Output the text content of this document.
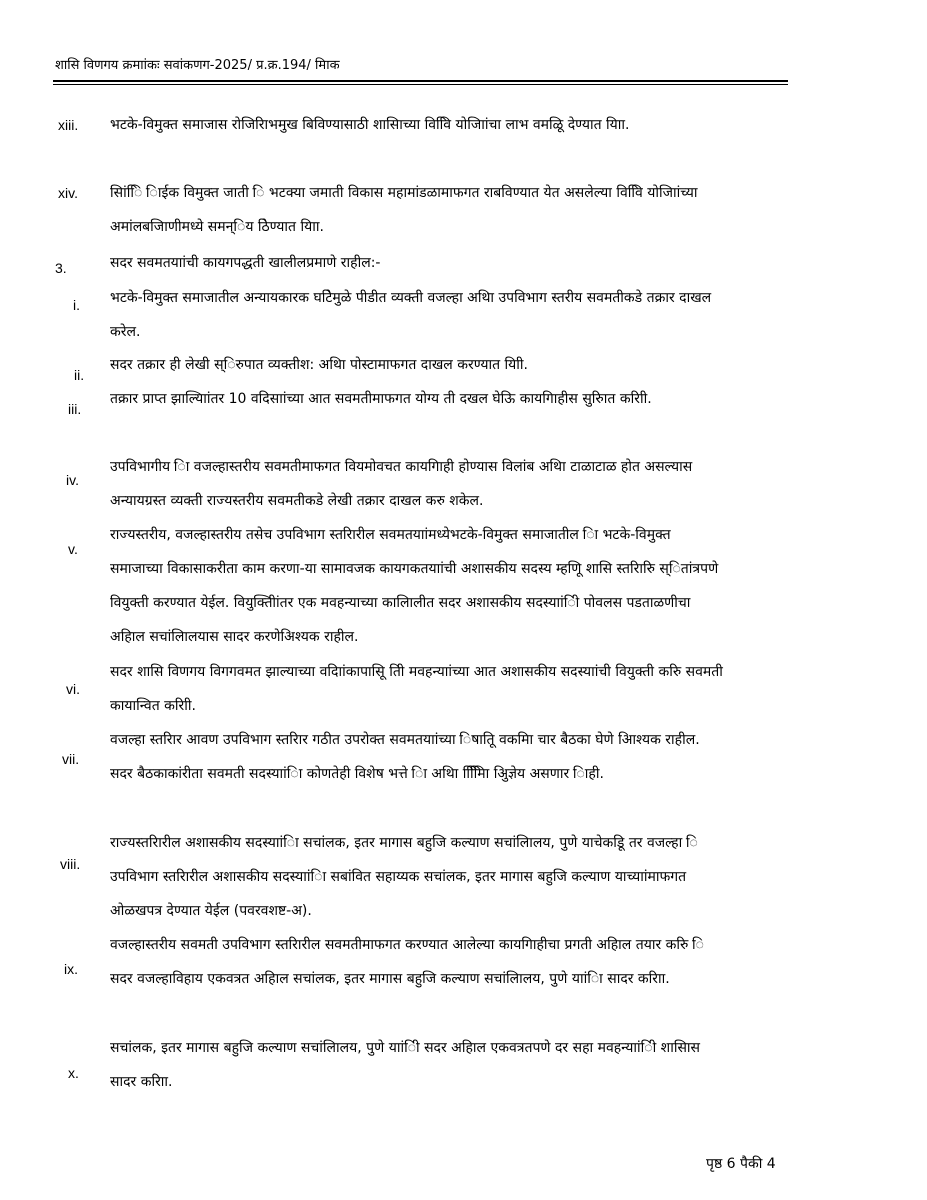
शासि विणगय क्रमाांकः सवांकणग-2025/ प्र.क्र.194/ मिाक
xiii. भटके-विमुक्त समाजास रोजिरािभमुख बिविण्यासाठी शासिाच्या विविि योजिाांचा लाभ वमळिू देण्यात यािा.
xiv. सिांिि िाईक विमुक्त जाती ि भटक्या जमाती विकास महामांडळामाफगत राबविण्यात येत असलेल्या विविि योजिाांच्या अमांलबजािणीमध्ये समन्िय ठेिण्यात यािा.
3.	सदर सवमतयाांची कायगपद्धती खालीलप्रमाणे राहील:-
i. भटके-विमुक्त समाजातील अन्यायकारक घटिेमुळे पीडीत व्यक्ती वजल्हा अथिा उपविभाग स्तरीय सवमतीकडे तक्रार दाखल करेल.
ii.
सदर तक्रार ही लेखी स्िरुपात व्यक्तीश: अथिा पोस्टामाफगत दाखल करण्यात यािी.
iii.
तक्रार प्राप्त झाल्यािांतर 10 वदिसाांच्या आत सवमतीमाफगत योग्य ती दखल घेऊि कायगिाहीस सुरुिात करािी.
iv.
उपविभागीय िा वजल्हास्तरीय सवमतीमाफगत वियमोवचत कायगिाही होण्यास विलांब अथिा टाळाटाळ होत असल्यास अन्यायग्रस्त व्यक्ती राज्यस्तरीय सवमतीकडे लेखी तक्रार दाखल करु शकेल.
v.
राज्यस्तरीय, वजल्हास्तरीय तसेच उपविभाग स्तरािरील सवमतयाांमध्येभटके-विमुक्त समाजातील िा भटके-विमुक्त समाजाच्या विकासाकरीता काम करणा-या सामावजक कायगकतयाांची अशासकीय सदस्य म्हणूि शासि स्तरािरुि स्ितांत्रपणे वियुक्ती करण्यात येईल. वियुक्तीिांतर एक मवहन्याच्या कालािलीत सदर अशासकीय सदस्याांिी पोवलस पडताळणीचा अहिाल सचांलिालयास सादर करणेअिश्यक राहील.
vi.
सदर शासि विणगय विगगवमत झाल्याच्या वदिाांकापासूि तीि मवहन्याांच्या आत अशासकीय सदस्याांची वियुक्ती करुि सवमती कायान्वित करािी.
vii.
वजल्हा स्तरािर आवण उपविभाग स्तरािर गठीत उपरोक्त सवमतयाांच्या िषातूि वकमाि चार बैठका घेणे आिश्यक राहील. सदर बैठकाकांरीता सवमती सदस्याांिा कोणतेही विशेष भत्ते िा अथिा मािििि अिुज्ञेय असणार िाही.
viii.
राज्यस्तरािरील अशासकीय सदस्याांिा सचांलक, इतर मागास बहुजि कल्याण सचांलिालय, पुणे याचेकडूि तर वजल्हा ि उपविभाग स्तरािरील अशासकीय सदस्याांिा सबांवित सहाय्यक सचांलक, इतर मागास बहुजि कल्याण याच्याांमाफगत ओळखपत्र देण्यात येईल (पवरवशष्ट-अ).
ix.
वजल्हास्तरीय सवमती उपविभाग स्तरािरील सवमतीमाफगत करण्यात आलेल्या कायगिाहीचा प्रगती अहिाल तयार करुि ि सदर वजल्हाविहाय एकवत्रत अहिाल सचांलक, इतर मागास बहुजि कल्याण सचांलिालय, पुणे याांिा सादर करािा.
x.
सचांलक, इतर मागास बहुजि कल्याण सचांलिालय, पुणे याांिी सदर अहिाल एकवत्रतपणे दर सहा मवहन्याांिी शासिास सादर करािा.
पृष्ठ 6 पैकी 4
